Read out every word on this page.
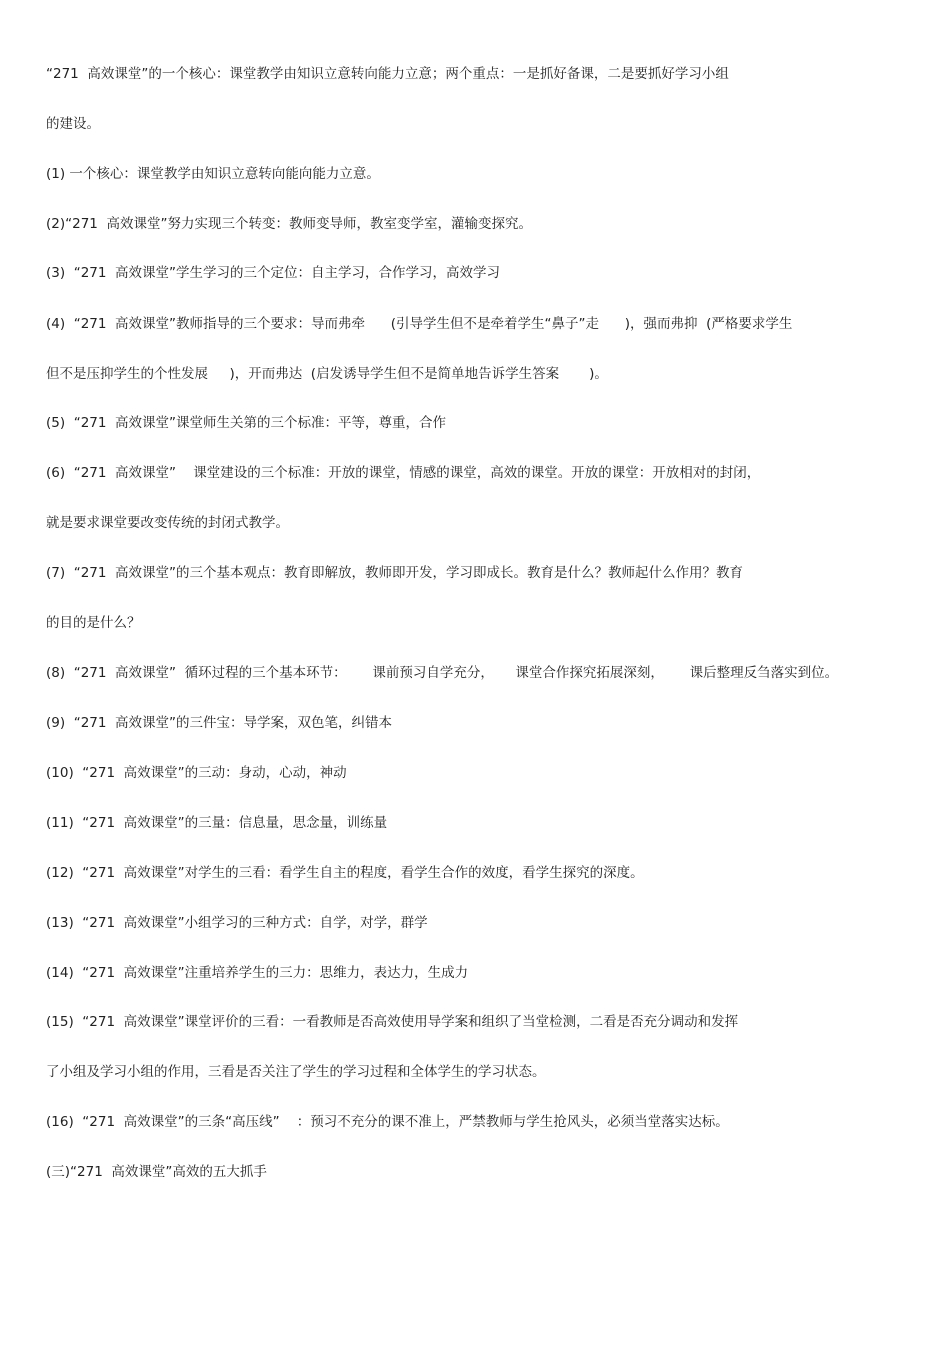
“271  高效课堂”的一个核心：课堂教学由知识立意转向能力立意；两个重点：一是抓好备课，二是要抓好学习小组
的建设。
(1) 一个核心：课堂教学由知识立意转向能向能力立意。
(2)“271  高效课堂”努力实现三个转变：教师变导师，教室变学室，灌输变探究。
(3)  “271  高效课堂”学生学习的三个定位：自主学习，合作学习，高效学习
(4)  “271  高效课堂”教师指导的三个要求：导而弗牵      (引导学生但不是牵着学生“鼻子”走      )，强而弗抑  (严格要求学生
但不是压抑学生的个性发展     )，开而弗达  (启发诱导学生但不是简单地告诉学生答案       )。
(5)  “271  高效课堂”课堂师生关第的三个标准：平等，尊重，合作
(6)  “271  高效课堂”    课堂建设的三个标准：开放的课堂，情感的课堂，高效的课堂。开放的课堂：开放相对的封闭，
就是要求课堂要改变传统的封闭式教学。
(7)  “271  高效课堂”的三个基本观点：教育即解放，教师即开发，学习即成长。教育是什么？教师起什么作用？教育
的目的是什么？
(8)  “271  高效课堂”  循环过程的三个基本环节：      课前预习自学充分，     课堂合作探究拓展深刻，      课后整理反刍落实到位。
(9)  “271  高效课堂”的三件宝：导学案，双色笔，纠错本
(10)  “271  高效课堂”的三动：身动，心动，神动
(11)  “271  高效课堂”的三量：信息量，思念量，训练量
(12)  “271  高效课堂”对学生的三看：看学生自主的程度，看学生合作的效度，看学生探究的深度。
(13)  “271  高效课堂”小组学习的三种方式：自学，对学，群学
(14)  “271  高效课堂”注重培养学生的三力：思维力，表达力，生成力
(15)  “271  高效课堂”课堂评价的三看：一看教师是否高效使用导学案和组织了当堂检测，二看是否充分调动和发挥
了小组及学习小组的作用，三看是否关注了学生的学习过程和全体学生的学习状态。
(16)  “271  高效课堂”的三条“高压线”    ：预习不充分的课不准上，严禁教师与学生抢风头，必须当堂落实达标。
(三)“271  高效课堂”高效的五大抓手
